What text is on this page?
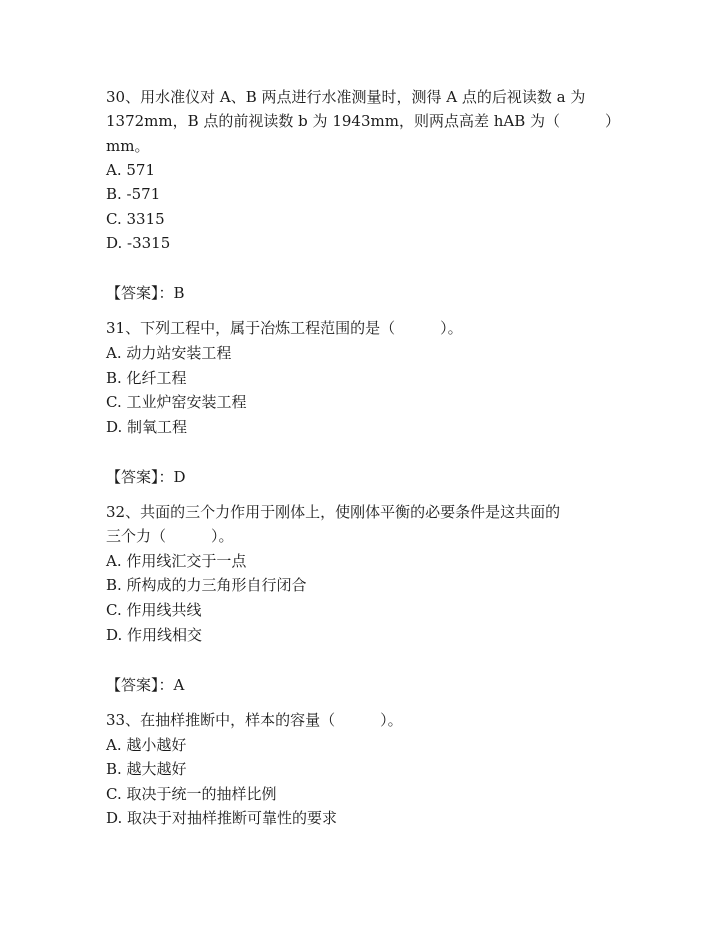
30、用水准仪对 A、B 两点进行水准测量时，测得 A 点的后视读数 a 为
1372mm，B 点的前视读数 b 为 1943mm，则两点高差 hAB 为（　　　）
mm。
A. 571
B. -571
C. 3315
D. -3315
【答案】：B
31、下列工程中，属于冶炼工程范围的是（　　　）。
A. 动力站安装工程
B. 化纤工程
C. 工业炉窑安装工程
D. 制氧工程
【答案】：D
32、共面的三个力作用于刚体上，使刚体平衡的必要条件是这共面的
三个力（　　　）。
A. 作用线汇交于一点
B. 所构成的力三角形自行闭合
C. 作用线共线
D. 作用线相交
【答案】：A
33、在抽样推断中，样本的容量（　　　）。
A. 越小越好
B. 越大越好
C. 取决于统一的抽样比例
D. 取决于对抽样推断可靠性的要求
